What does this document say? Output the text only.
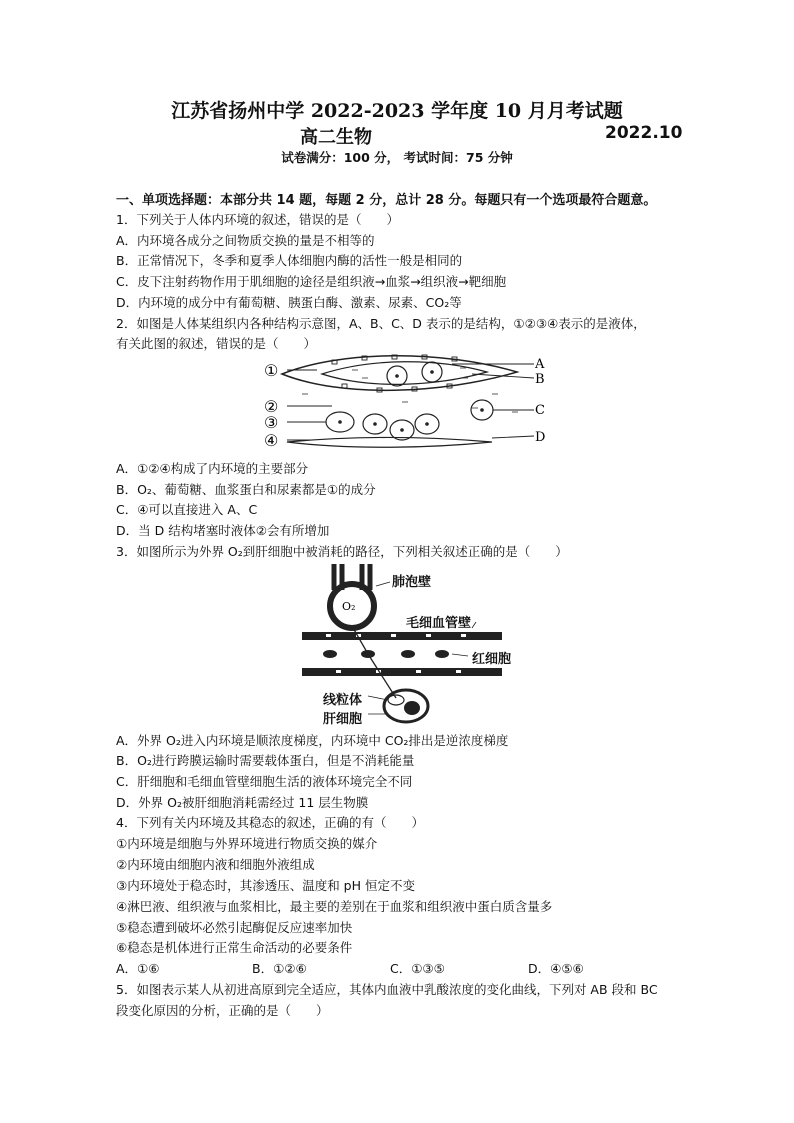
江苏省扬州中学 2022-2023 学年度 10 月月考试题
高二生物	2022.10
试卷满分：100 分， 考试时间：75 分钟
一、单项选择题：本部分共 14 题，每题 2 分，总计 28 分。每题只有一个选项最符合题意。
1．下列关于人体内环境的叙述，错误的是（　　）
A．内环境各成分之间物质交换的量是不相等的
B．正常情况下，冬季和夏季人体细胞内酶的活性一般是相同的
C．皮下注射药物作用于肌细胞的途径是组织液→血浆→组织液→靶细胞
D．内环境的成分中有葡萄糖、胰蛋白酶、激素、尿素、CO₂等
2．如图是人体某组织内各种结构示意图，A、B、C、D 表示的是结构，①②③④表示的是液体，
有关此图的叙述，错误的是（　　）
①
②
③
④
A
B
C
D
A．①②④构成了内环境的主要部分
B．O₂、葡萄糖、血浆蛋白和尿素都是①的成分
C．④可以直接进入 A、C
D．当 D 结构堵塞时液体②会有所增加
3．如图所示为外界 O₂到肝细胞中被消耗的路径，下列相关叙述正确的是（　　）
O₂
肺泡壁
毛细血管壁
红细胞
线粒体
肝细胞
A．外界 O₂进入内环境是顺浓度梯度，内环境中 CO₂排出是逆浓度梯度
B．O₂进行跨膜运输时需要载体蛋白，但是不消耗能量
C．肝细胞和毛细血管壁细胞生活的液体环境完全不同
D．外界 O₂被肝细胞消耗需经过 11 层生物膜
4．下列有关内环境及其稳态的叙述，正确的有（　　）
①内环境是细胞与外界环境进行物质交换的媒介
②内环境由细胞内液和细胞外液组成
③内环境处于稳态时，其渗透压、温度和 pH 恒定不变
④淋巴液、组织液与血浆相比，最主要的差别在于血浆和组织液中蛋白质含量多
⑤稳态遭到破坏必然引起酶促反应速率加快
⑥稳态是机体进行正常生命活动的必要条件
A．①⑥	B．①②⑥	C．①③⑤	D．④⑤⑥
5．如图表示某人从初进高原到完全适应，其体内血液中乳酸浓度的变化曲线，下列对 AB 段和 BC
段变化原因的分析，正确的是（　　）
